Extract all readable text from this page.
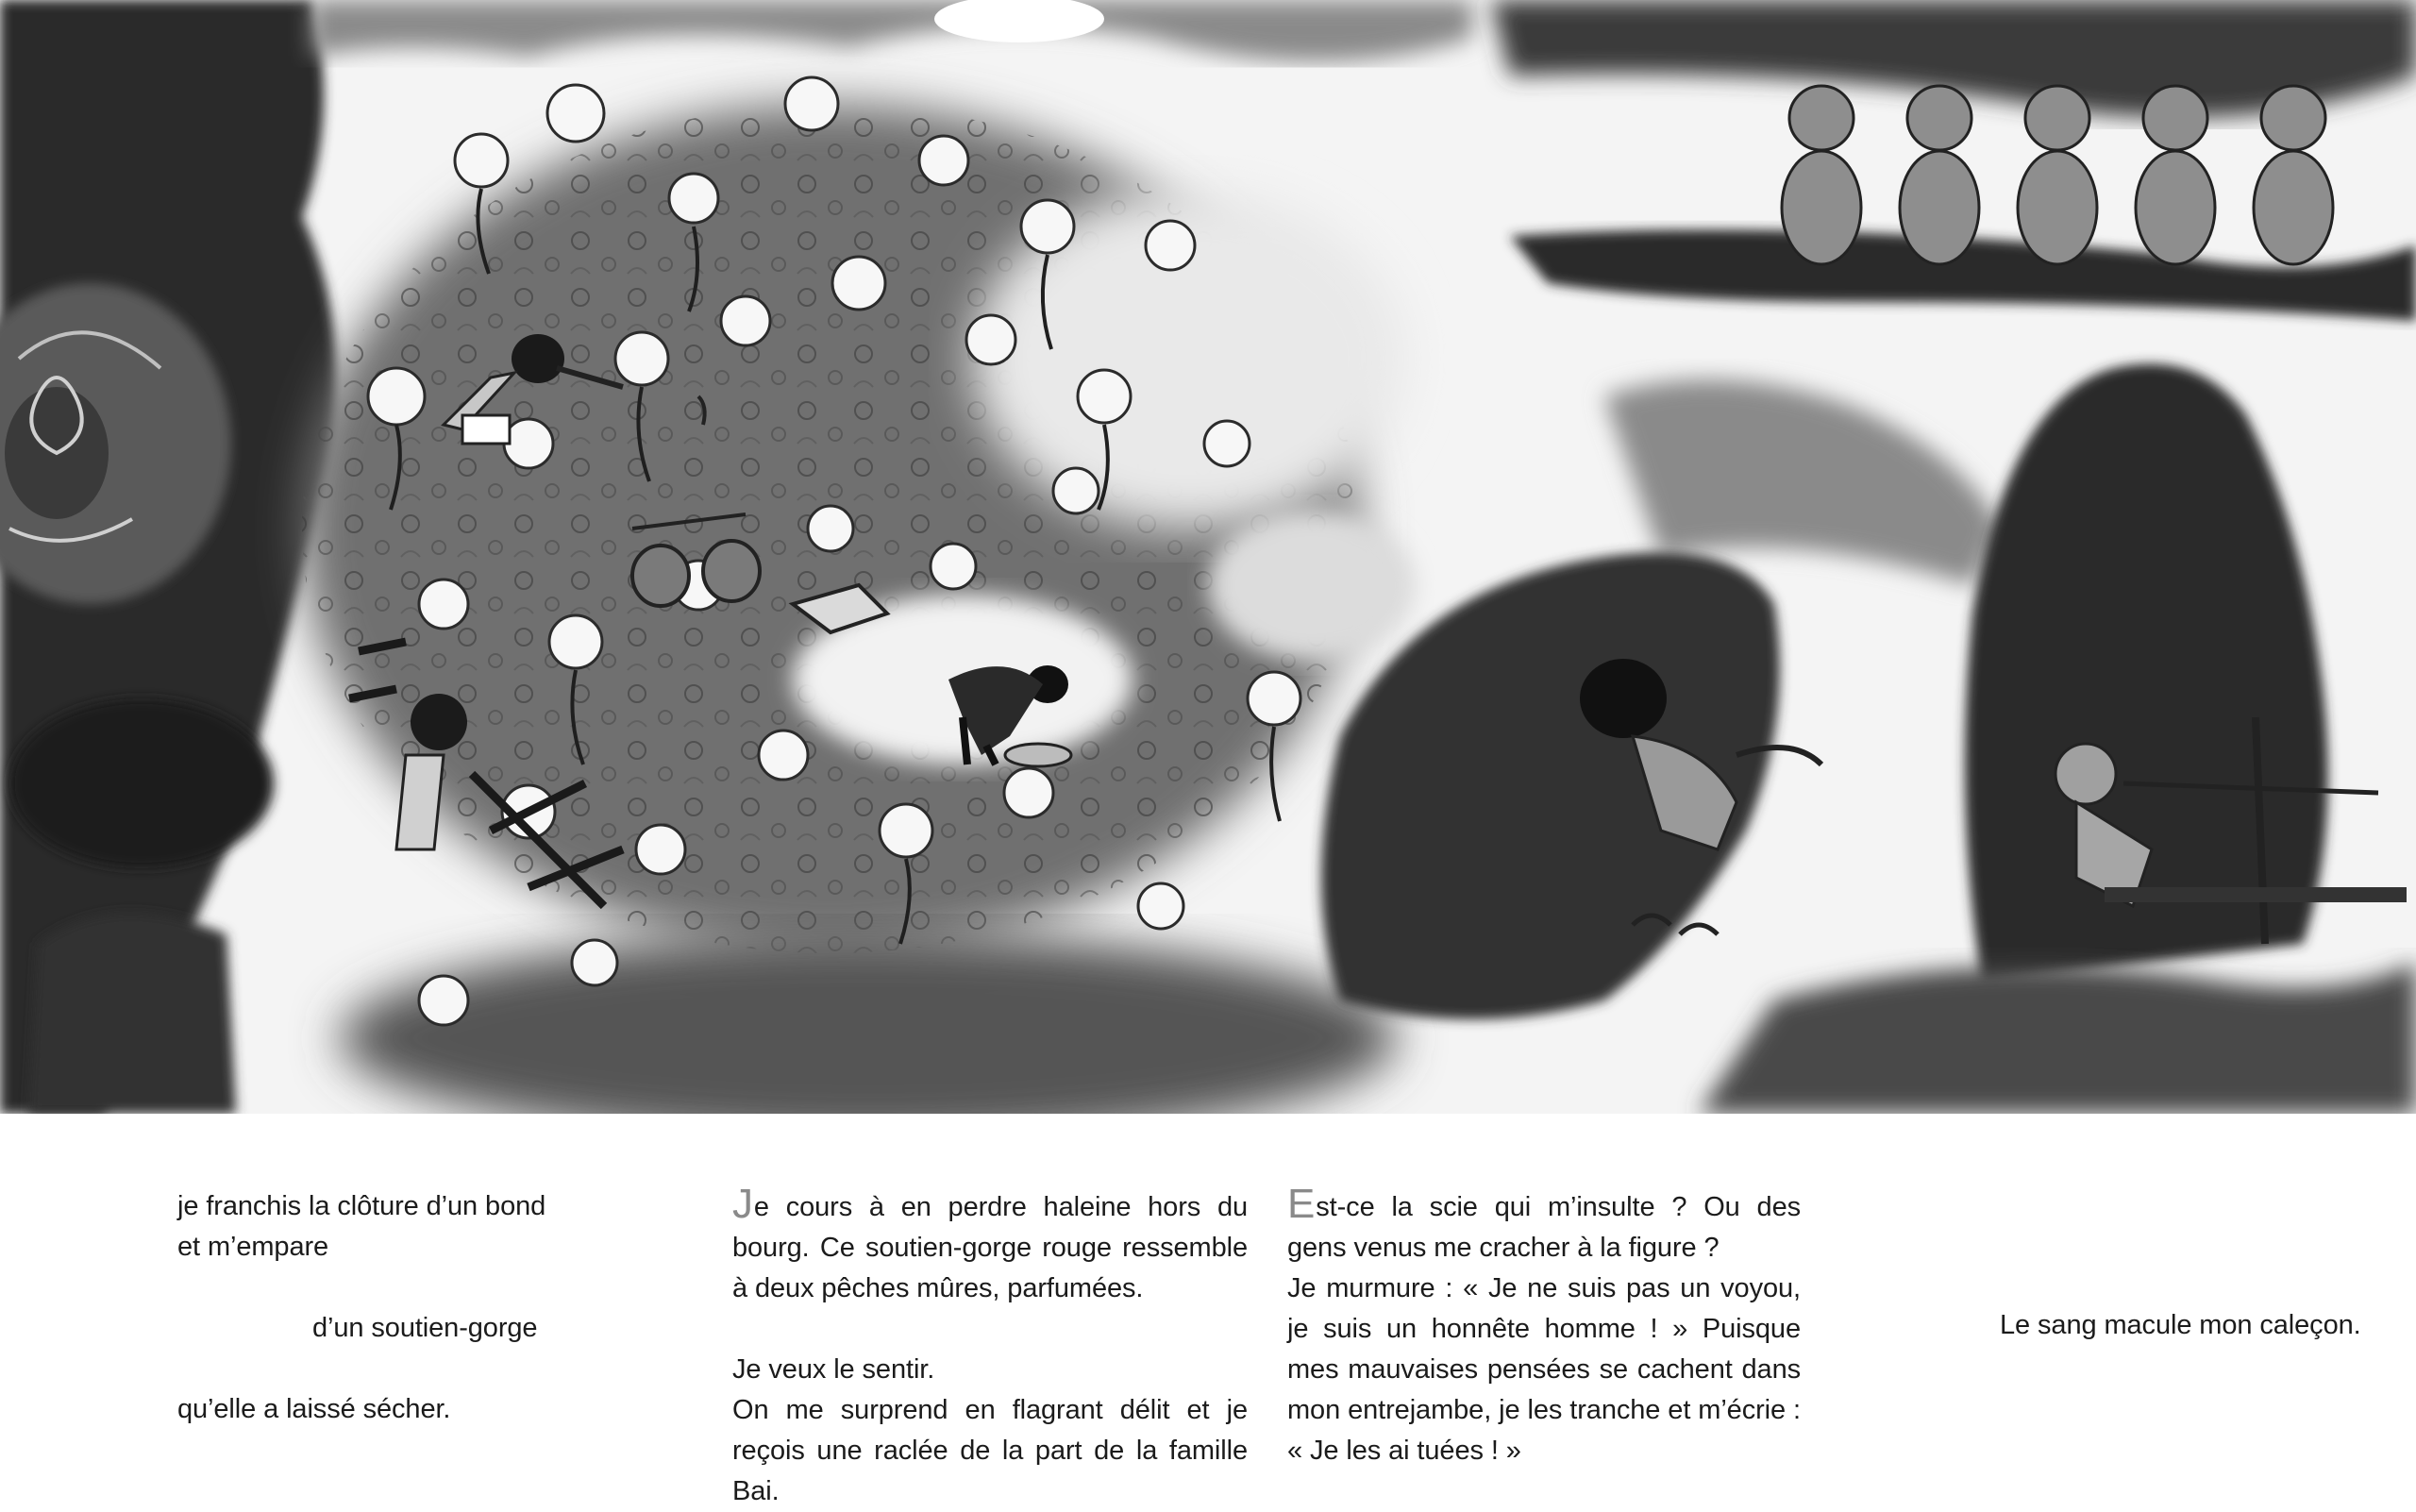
je franchis la clôture d’un bond

et m’empare

d’un soutien-gorge

qu’elle a laissé sécher.

Je cours à en perdre haleine hors du bourg. Ce soutien-gorge rouge ressemble à deux pêches mûres, parfumées.

Je veux le sentir.

On me surprend en flagrant délit et je reçois une raclée de la part de la famille Bai.

Est-ce la scie qui m’insulte ? Ou des gens venus me cracher à la figure ?

Je murmure : « Je ne suis pas un voyou, je suis un honnête homme ! » Puisque mes mauvaises pensées se cachent dans mon entrejambe, je les tranche et m’écrie : « Je les ai tuées ! »

Le sang macule mon caleçon.
